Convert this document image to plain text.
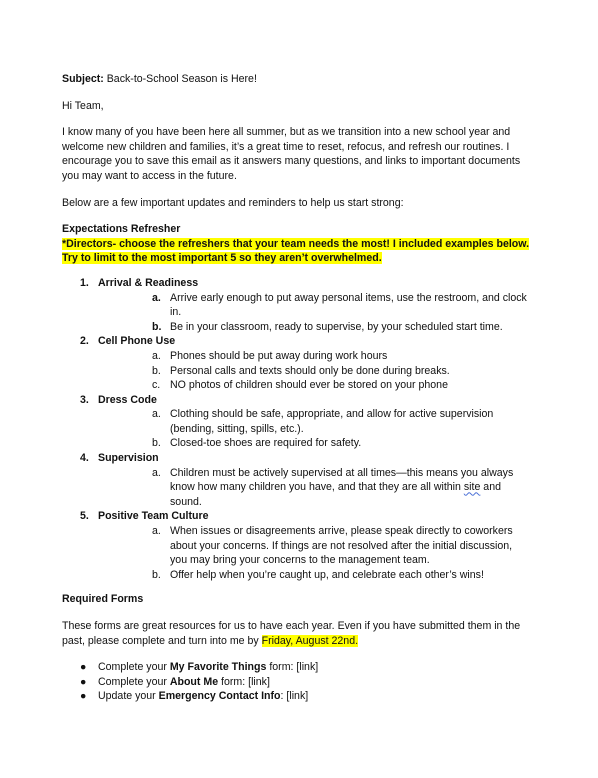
Subject: Back-to-School Season is Here!

Hi Team,

I know many of you have been here all summer, but as we transition into a new school year and welcome new children and families, it’s a great time to reset, refocus, and refresh our routines. I encourage you to save this email as it answers many questions, and links to important documents you may want to access in the future.

Below are a few important updates and reminders to help us start strong:

Expectations Refresher

*Directors- choose the refreshers that your team needs the most! I included examples below. Try to limit to the most important 5 so they aren’t overwhelmed.

1. Arrival & Readiness
a. Arrive early enough to put away personal items, use the restroom, and clock in.
b. Be in your classroom, ready to supervise, by your scheduled start time.
2. Cell Phone Use
a. Phones should be put away during work hours
b. Personal calls and texts should only be done during breaks.
c. NO photos of children should ever be stored on your phone
3. Dress Code
a. Clothing should be safe, appropriate, and allow for active supervision (bending, sitting, spills, etc.).
b. Closed-toe shoes are required for safety.
4. Supervision
a. Children must be actively supervised at all times—this means you always know how many children you have, and that they are all within site and sound.
5. Positive Team Culture
a. When issues or disagreements arrive, please speak directly to coworkers about your concerns. If things are not resolved after the initial discussion, you may bring your concerns to the management team.
b. Offer help when you’re caught up, and celebrate each other’s wins!

Required Forms

These forms are great resources for us to have each year. Even if you have submitted them in the past, please complete and turn into me by Friday, August 22nd.

● Complete your My Favorite Things form: [link]
● Complete your About Me form: [link]
● Update your Emergency Contact Info: [link]
